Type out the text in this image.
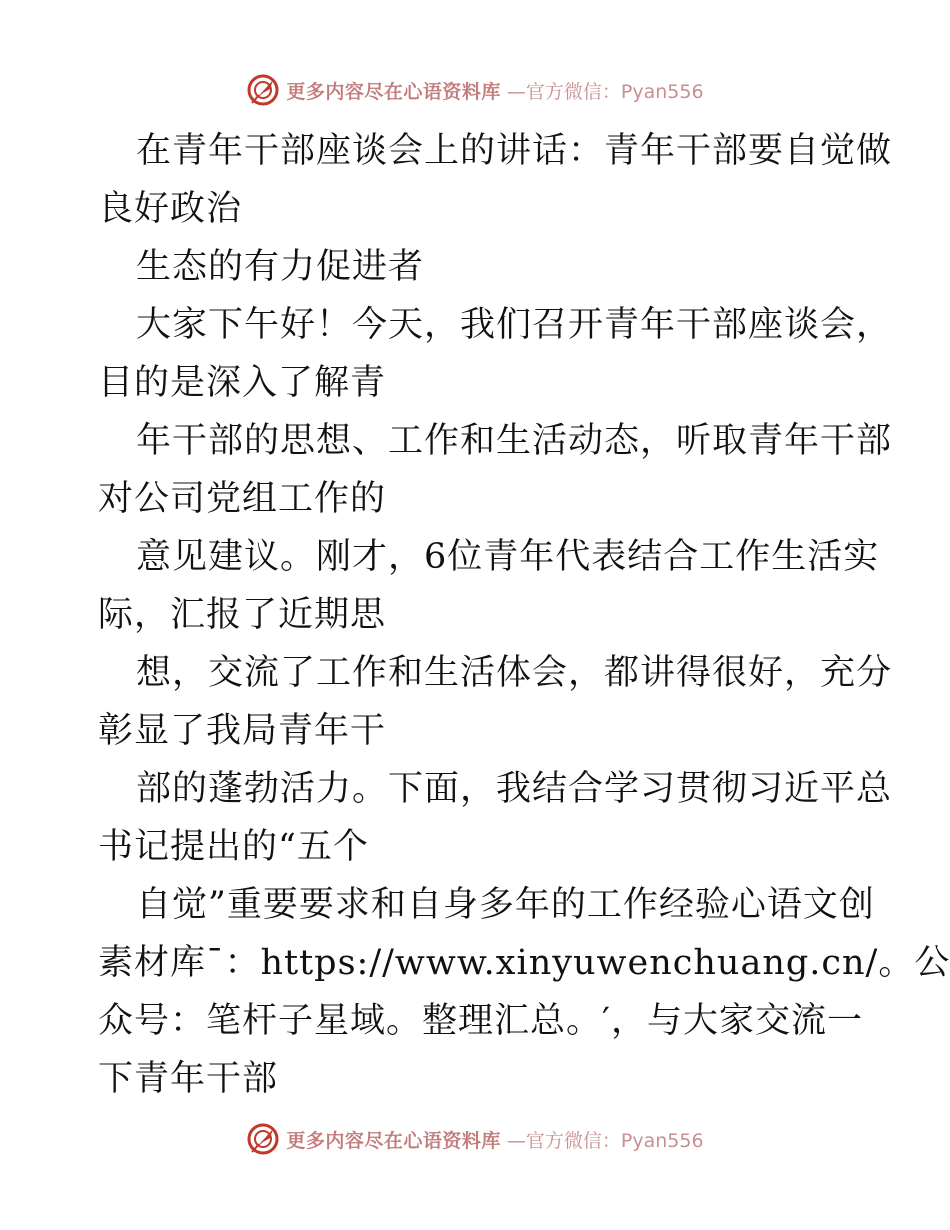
更多内容尽在心语资料库 —官方微信：Pyan556
在青年干部座谈会上的讲话：青年干部要自觉做
良好政治
生态的有力促进者
大家下午好！今天，我们召开青年干部座谈会，
目的是深入了解青
年干部的思想、工作和生活动态，听取青年干部
对公司党组工作的
意见建议。刚才，6位青年代表结合工作生活实
际，汇报了近期思
想，交流了工作和生活体会，都讲得很好，充分
彰显了我局青年干
部的蓬勃活力。下面，我结合学习贯彻习近平总
书记提出的“五个
自觉”重要要求和自身多年的工作经验心语文创
素材库¯：https://www.xinyuwenchuang.cn/。公
众号：笔杆子星域。整理汇总。′，与大家交流一
下青年干部
更多内容尽在心语资料库 —官方微信：Pyan556
